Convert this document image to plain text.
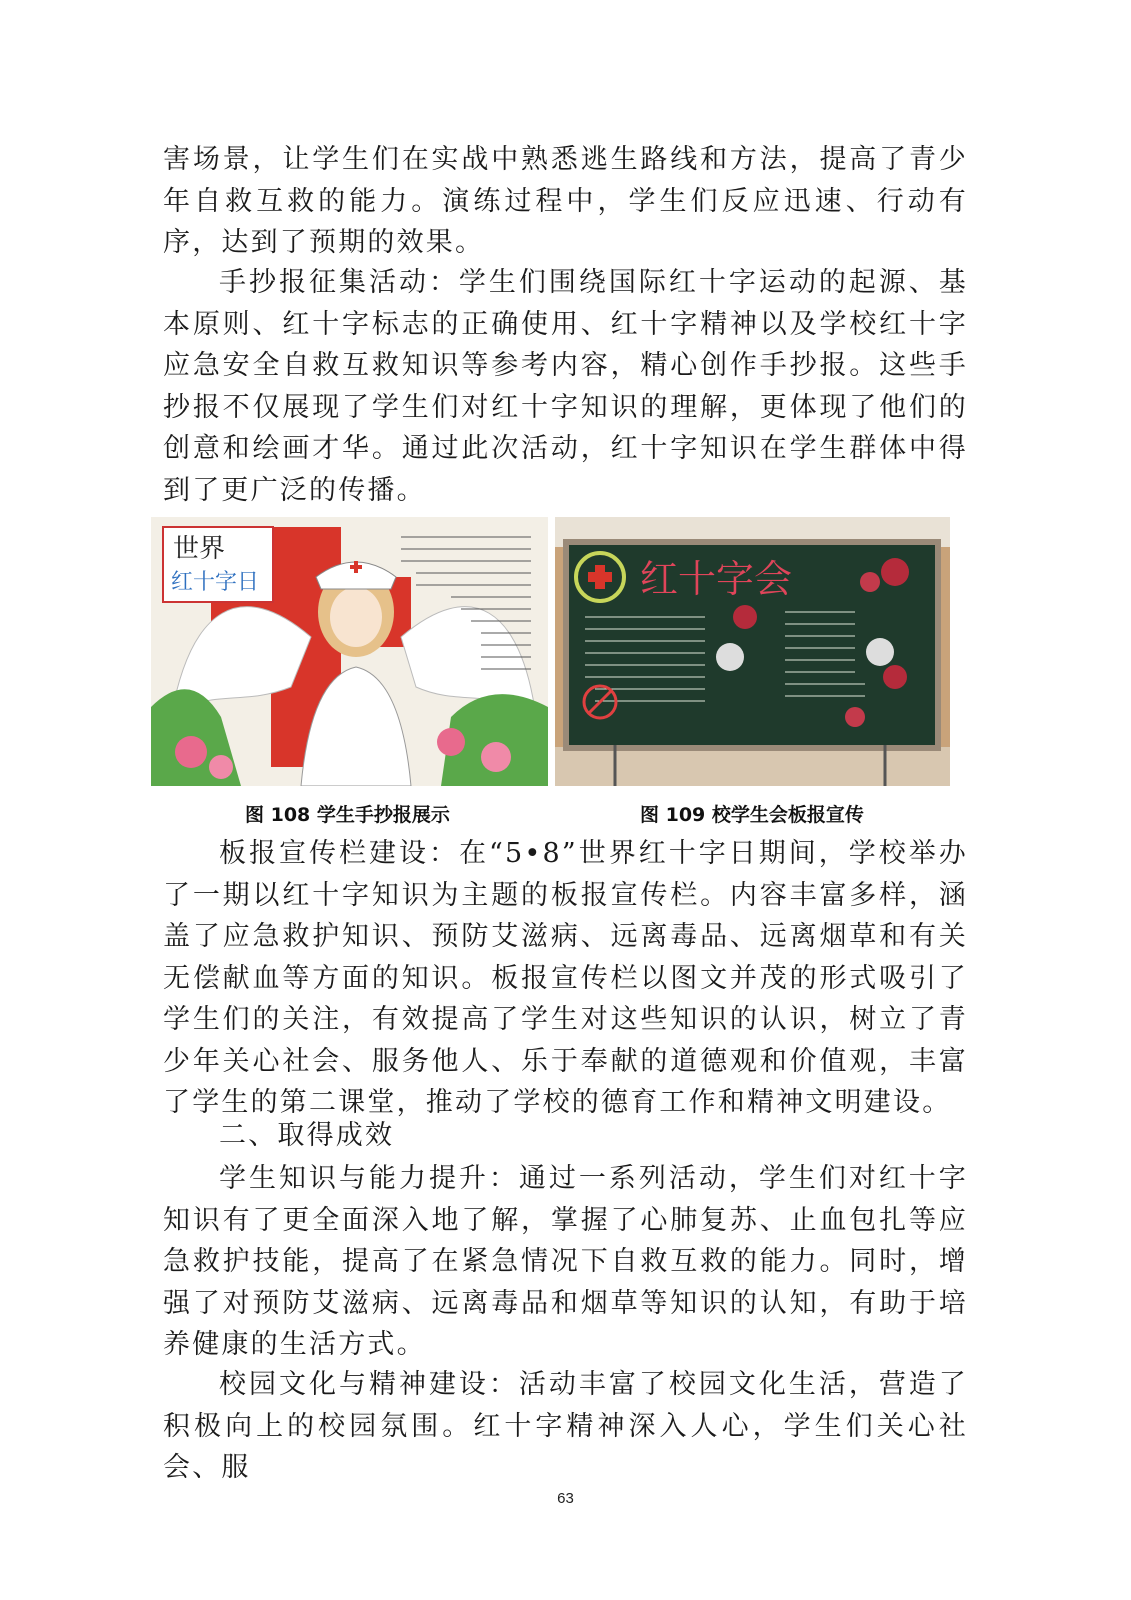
害场景，让学生们在实战中熟悉逃生路线和方法，提高了青少年自救互救的能力。演练过程中，学生们反应迅速、行动有序，达到了预期的效果。

手抄报征集活动：学生们围绕国际红十字运动的起源、基本原则、红十字标志的正确使用、红十字精神以及学校红十字应急安全自救互救知识等参考内容，精心创作手抄报。这些手抄报不仅展现了学生们对红十字知识的理解，更体现了他们的创意和绘画才华。通过此次活动，红十字知识在学生群体中得到了更广泛的传播。

世界
红十字日	红十字会
图 108 学生手抄报展示	图 109 校学生会板报宣传

板报宣传栏建设：在“5•8”世界红十字日期间，学校举办了一期以红十字知识为主题的板报宣传栏。内容丰富多样，涵盖了应急救护知识、预防艾滋病、远离毒品、远离烟草和有关无偿献血等方面的知识。板报宣传栏以图文并茂的形式吸引了学生们的关注，有效提高了学生对这些知识的认识，树立了青少年关心社会、服务他人、乐于奉献的道德观和价值观，丰富了学生的第二课堂，推动了学校的德育工作和精神文明建设。

二、取得成效

学生知识与能力提升：通过一系列活动，学生们对红十字知识有了更全面深入地了解，掌握了心肺复苏、止血包扎等应急救护技能，提高了在紧急情况下自救互救的能力。同时，增强了对预防艾滋病、远离毒品和烟草等知识的认知，有助于培养健康的生活方式。

校园文化与精神建设：活动丰富了校园文化生活，营造了积极向上的校园氛围。红十字精神深入人心，学生们关心社会、服

63
